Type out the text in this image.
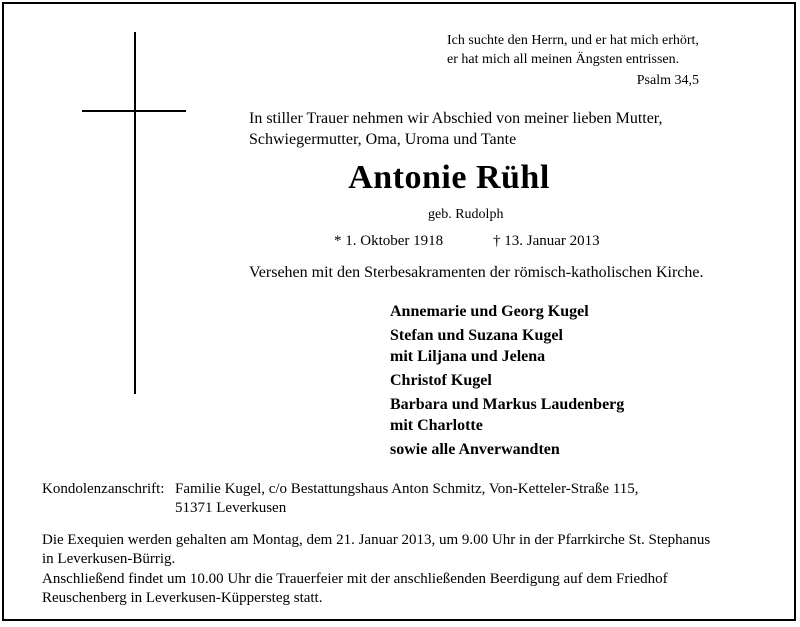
Ich suchte den Herrn, und er hat mich erhört,
er hat mich all meinen Ängsten entrissen.
Psalm 34,5
In stiller Trauer nehmen wir Abschied von meiner lieben Mutter,
Schwiegermutter, Oma, Uroma und Tante
Antonie Rühl
geb. Rudolph
* 1. Oktober 1918	† 13. Januar 2013
Versehen mit den Sterbesakramenten der römisch-katholischen Kirche.
Annemarie und Georg Kugel
Stefan und Suzana Kugel
mit Liljana und Jelena
Christof Kugel
Barbara und Markus Laudenberg
mit Charlotte
sowie alle Anverwandten
Kondolenzanschrift: Familie Kugel, c/o Bestattungshaus Anton Schmitz, Von-Ketteler-Straße 115,
51371 Leverkusen
Die Exequien werden gehalten am Montag, dem 21. Januar 2013, um 9.00 Uhr in der Pfarrkirche St. Stephanus
in Leverkusen-Bürrig.
Anschließend findet um 10.00 Uhr die Trauerfeier mit der anschließenden Beerdigung auf dem Friedhof
Reuschenberg in Leverkusen-Küppersteg statt.
